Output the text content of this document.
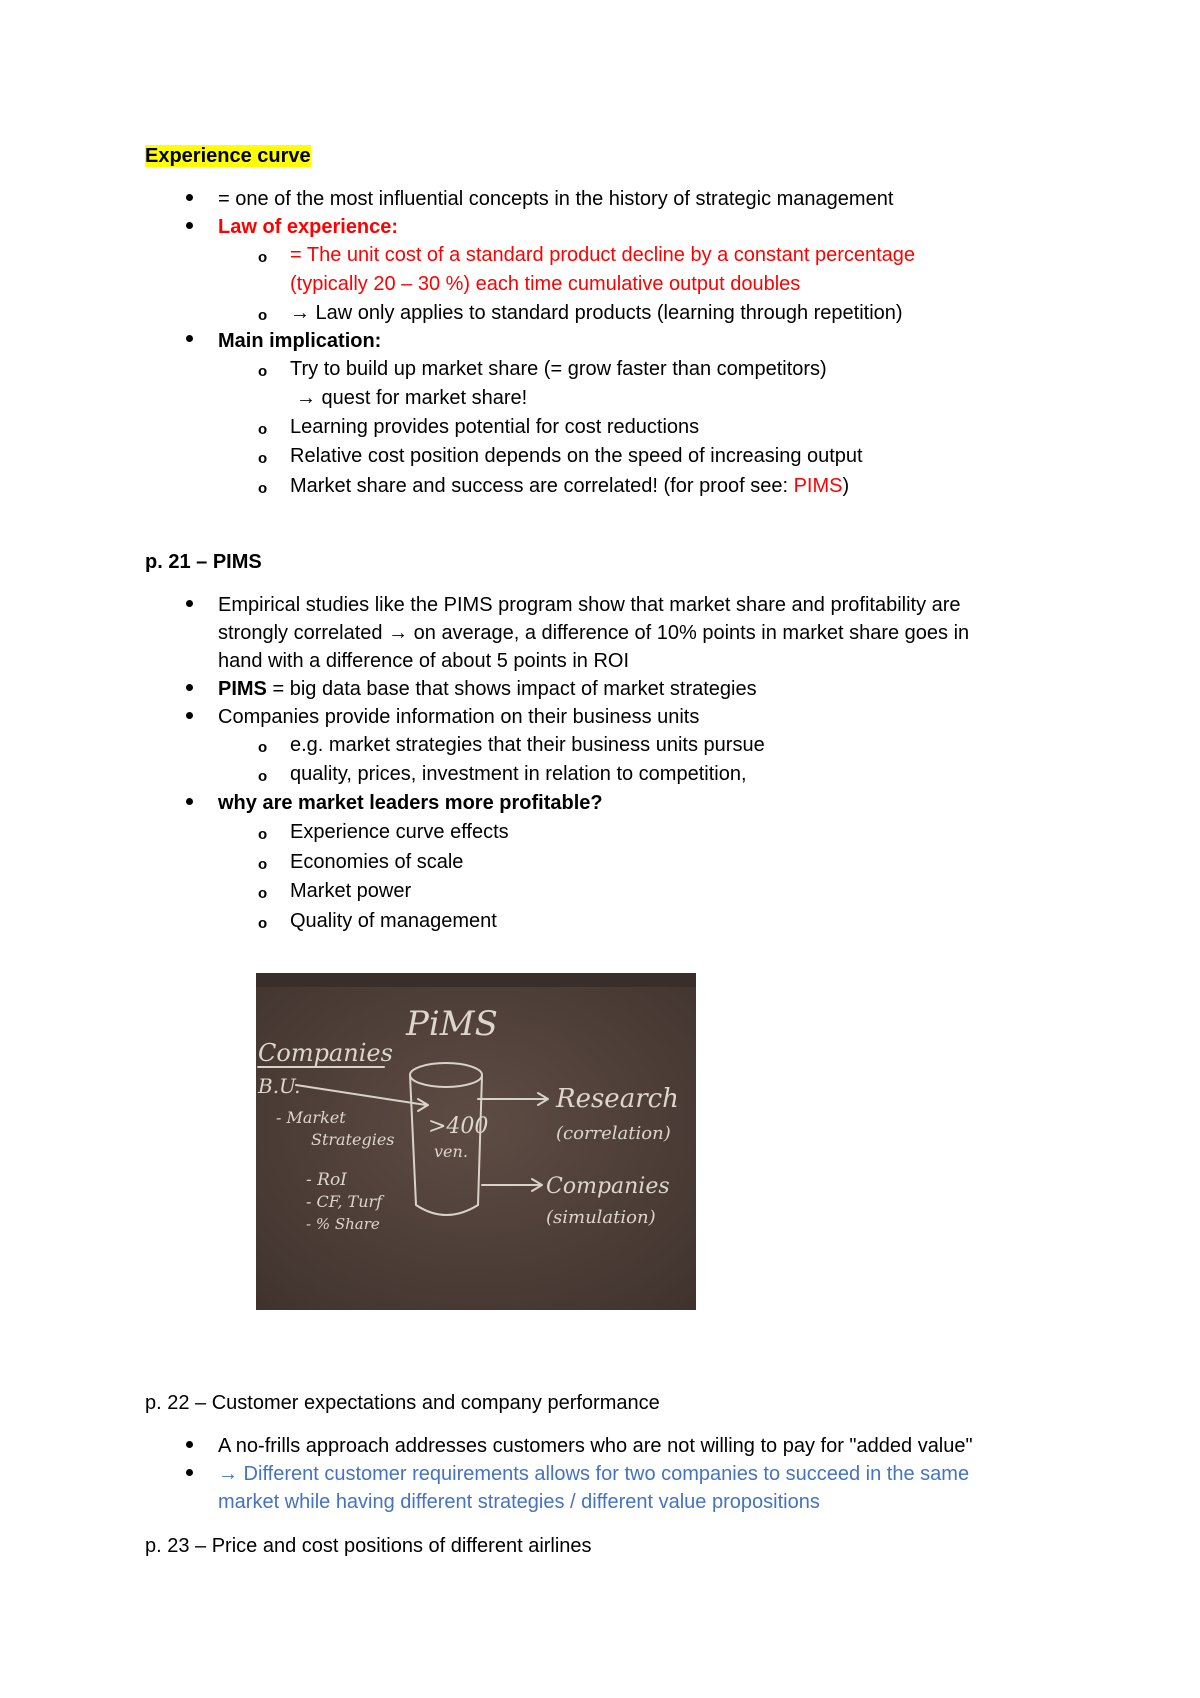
Experience curve
= one of the most influential concepts in the history of strategic management
Law of experience:
o = The unit cost of a standard product decline by a constant percentage
(typically 20 – 30 %) each time cumulative output doubles
o → Law only applies to standard products (learning through repetition)
Main implication:
o Try to build up market share (= grow faster than competitors)
→ quest for market share!
o Learning provides potential for cost reductions
o Relative cost position depends on the speed of increasing output
o Market share and success are correlated! (for proof see: PIMS)
p. 21 – PIMS
Empirical studies like the PIMS program show that market share and profitability are
strongly correlated → on average, a difference of 10% points in market share goes in
hand with a difference of about 5 points in ROI
PIMS = big data base that shows impact of market strategies
Companies provide information on their business units
o e.g. market strategies that their business units pursue
o quality, prices, investment in relation to competition,
why are market leaders more profitable?
o Experience curve effects
o Economies of scale
o Market power
o Quality of management
PiMS
Companies
B.U.
- Market
Strategies
- RoI
- CF, Turf
- % Share
>400
ven.
Research
(correlation)
Companies
(simulation)
p. 22 – Customer expectations and company performance
A no-frills approach addresses customers who are not willing to pay for "added value"
→ Different customer requirements allows for two companies to succeed in the same
market while having different strategies / different value propositions
p. 23 – Price and cost positions of different airlines
